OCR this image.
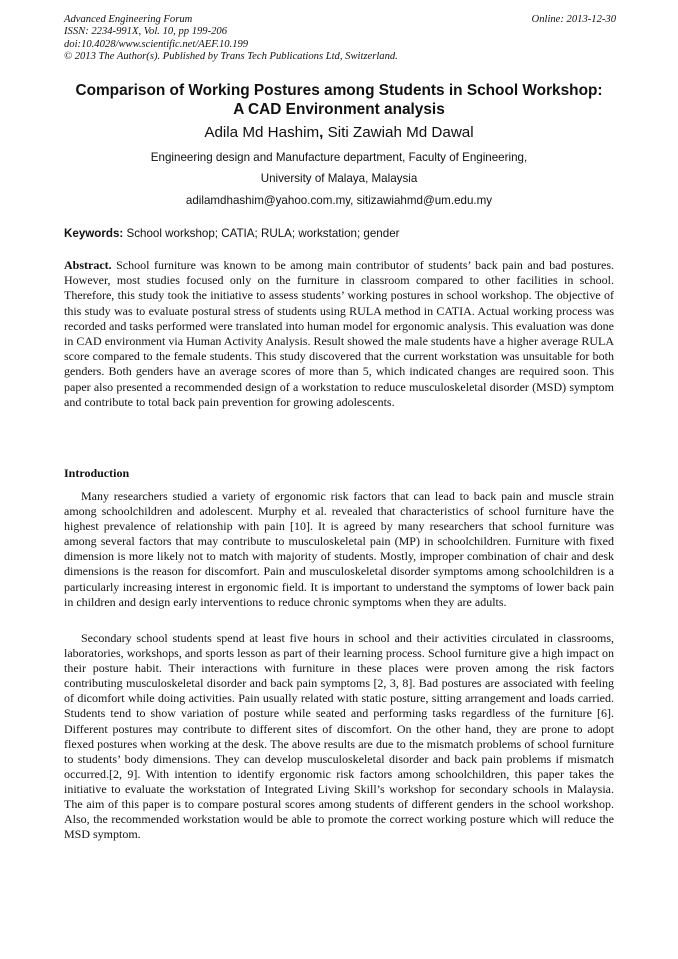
Advanced Engineering Forum
ISSN: 2234-991X, Vol. 10, pp 199-206
doi:10.4028/www.scientific.net/AEF.10.199
© 2013 The Author(s). Published by Trans Tech Publications Ltd, Switzerland.
Online: 2013-12-30
Comparison of Working Postures among Students in School Workshop:
A CAD Environment analysis
Adila Md Hashim, Siti Zawiah Md Dawal
Engineering design and Manufacture department, Faculty of Engineering,
University of Malaya, Malaysia
adilamdhashim@yahoo.com.my, sitizawiahmd@um.edu.my
Keywords: School workshop; CATIA; RULA; workstation; gender

Abstract. School furniture was known to be among main contributor of students’ back pain and bad postures. However, most studies focused only on the furniture in classroom compared to other facilities in school. Therefore, this study took the initiative to assess students’ working postures in school workshop. The objective of this study was to evaluate postural stress of students using RULA method in CATIA. Actual working process was recorded and tasks performed were translated into human model for ergonomic analysis. This evaluation was done in CAD environment via Human Activity Analysis. Result showed the male students have a higher average RULA score compared to the female students. This study discovered that the current workstation was unsuitable for both genders. Both genders have an average scores of more than 5, which indicated changes are required soon. This paper also presented a recommended design of a workstation to reduce musculoskeletal disorder (MSD) symptom and contribute to total back pain prevention for growing adolescents.

Introduction

Many researchers studied a variety of ergonomic risk factors that can lead to back pain and muscle strain among schoolchildren and adolescent. Murphy et al. revealed that characteristics of school furniture have the highest prevalence of relationship with pain [10]. It is agreed by many researchers that school furniture was among several factors that may contribute to musculoskeletal pain (MP) in schoolchildren. Furniture with fixed dimension is more likely not to match with majority of students. Mostly, improper combination of chair and desk dimensions is the reason for discomfort. Pain and musculoskeletal disorder symptoms among schoolchildren is a particularly increasing interest in ergonomic field. It is important to understand the symptoms of lower back pain in children and design early interventions to reduce chronic symptoms when they are adults.

Secondary school students spend at least five hours in school and their activities circulated in classrooms, laboratories, workshops, and sports lesson as part of their learning process. School furniture give a high impact on their posture habit. Their interactions with furniture in these places were proven among the risk factors contributing musculoskeletal disorder and back pain symptoms [2, 3, 8]. Bad postures are associated with feeling of dicomfort while doing activities. Pain usually related with static posture, sitting arrangement and loads carried. Students tend to show variation of posture while seated and performing tasks regardless of the furniture [6]. Different postures may contribute to different sites of discomfort. On the other hand, they are prone to adopt flexed postures when working at the desk. The above results are due to the mismatch problems of school furniture to students’ body dimensions. They can develop musculoskeletal disorder and back pain problems if mismatch occurred.[2, 9]. With intention to identify ergonomic risk factors among schoolchildren, this paper takes the initiative to evaluate the workstation of Integrated Living Skill’s workshop for secondary schools in Malaysia. The aim of this paper is to compare postural scores among students of different genders in the school workshop. Also, the recommended workstation would be able to promote the correct working posture which will reduce the MSD symptom.
